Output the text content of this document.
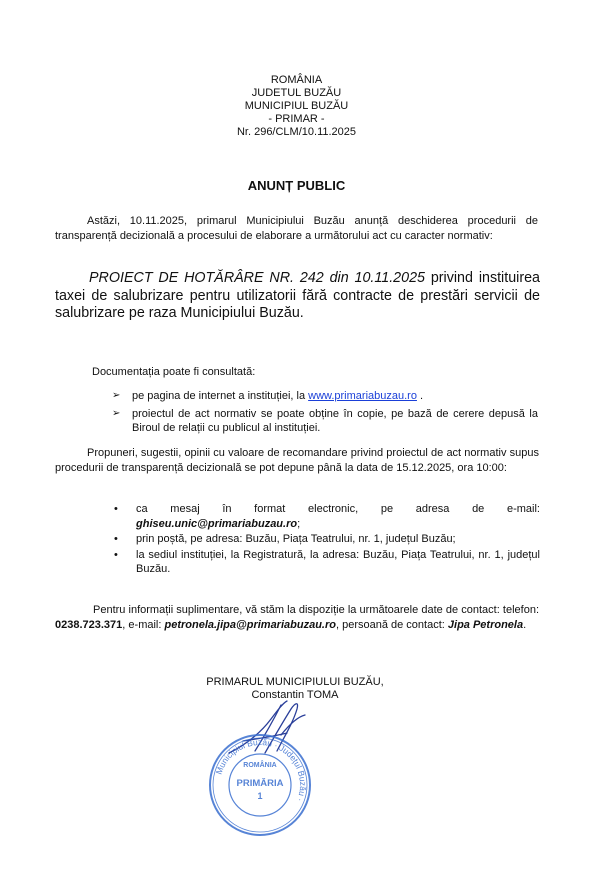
ROMÂNIA
JUDETUL BUZĂU
MUNICIPIUL BUZĂU
- PRIMAR -
Nr. 296/CLM/10.11.2025
ANUNȚ PUBLIC
Astăzi, 10.11.2025, primarul Municipiului Buzău anunță deschiderea procedurii de transparență decizională a procesului de elaborare a următorului act cu caracter normativ:
PROIECT DE HOTĂRÂRE NR. 242 din 10.11.2025 privind instituirea taxei de salubrizare pentru utilizatorii fără contracte de prestări servicii de salubrizare pe raza Municipiului Buzău.
Documentația poate fi consultată:
➢ pe pagina de internet a instituției, la www.primariabuzau.ro .
➢ proiectul de act normativ se poate obține în copie, pe bază de cerere depusă la Biroul de relații cu publicul al instituției.
Propuneri, sugestii, opinii cu valoare de recomandare privind proiectul de act normativ supus procedurii de transparență decizională se pot depune până la data de 15.12.2025, ora 10:00:
• ca mesaj în format electronic, pe adresa de e-mail: ghiseu.unic@primariabuzau.ro;
• prin poștă, pe adresa: Buzău, Piața Teatrului, nr. 1, județul Buzău;
• la sediul instituției, la Registratură, la adresa: Buzău, Piața Teatrului, nr. 1, județul Buzău.
Pentru informații suplimentare, vă stăm la dispoziție la următoarele date de contact: telefon: 0238.723.371, e-mail: petronela.jipa@primariabuzau.ro, persoană de contact: Jipa Petronela.
PRIMARUL MUNICIPIULUI BUZĂU,
Constantin TOMA
Municipiul Buzău · Județul Buzău ·
ROMÂNIA
PRIMĂRIA
1
